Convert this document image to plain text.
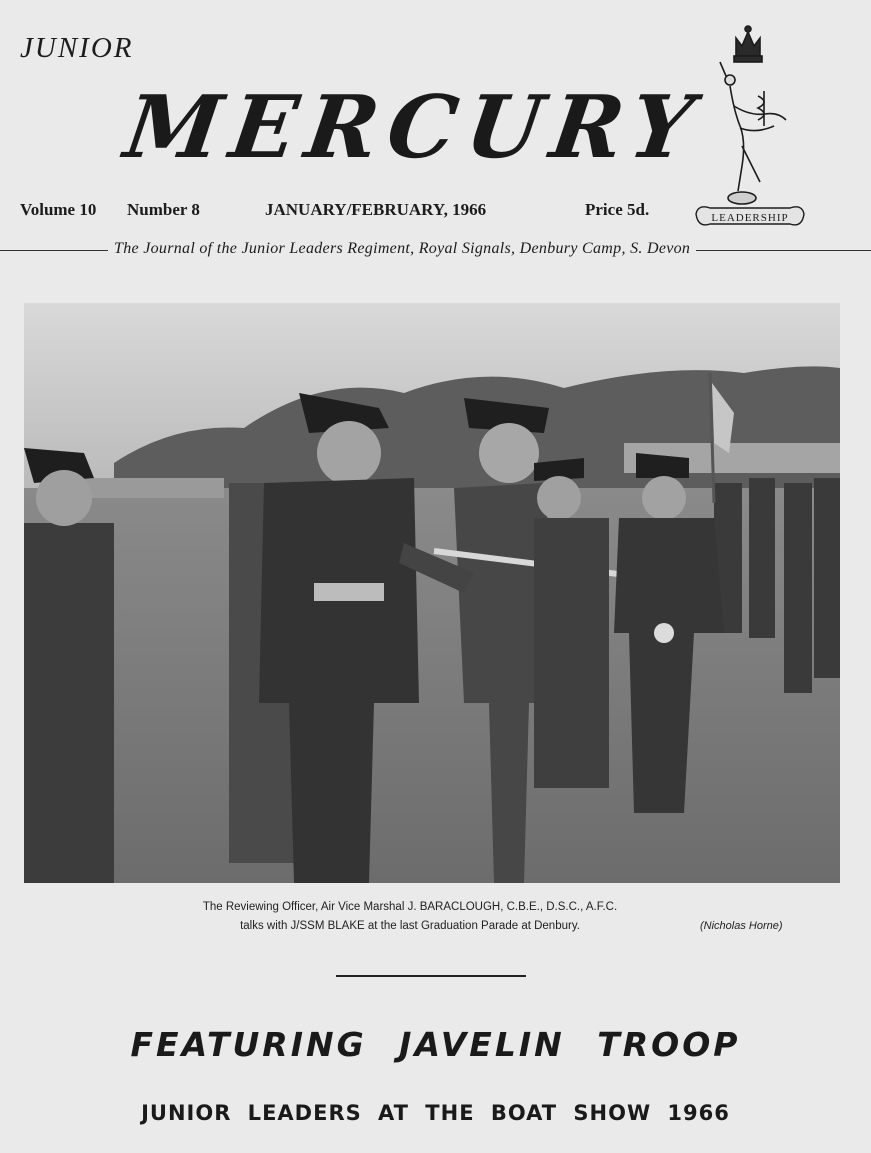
JUNIOR
MERCURY
Volume 10 Number 8	JANUARY/FEBRUARY, 1966	Price 5d.	LEADERSHIP
The Journal of the Junior Leaders Regiment, Royal Signals, Denbury Camp, S. Devon
The Reviewing Officer, Air Vice Marshal J. BARACLOUGH, C.B.E., D.S.C., A.F.C.
talks with J/SSM BLAKE at the last Graduation Parade at Denbury.	(Nicholas Horne)
FEATURING JAVELIN TROOP
JUNIOR LEADERS AT THE BOAT SHOW 1966
